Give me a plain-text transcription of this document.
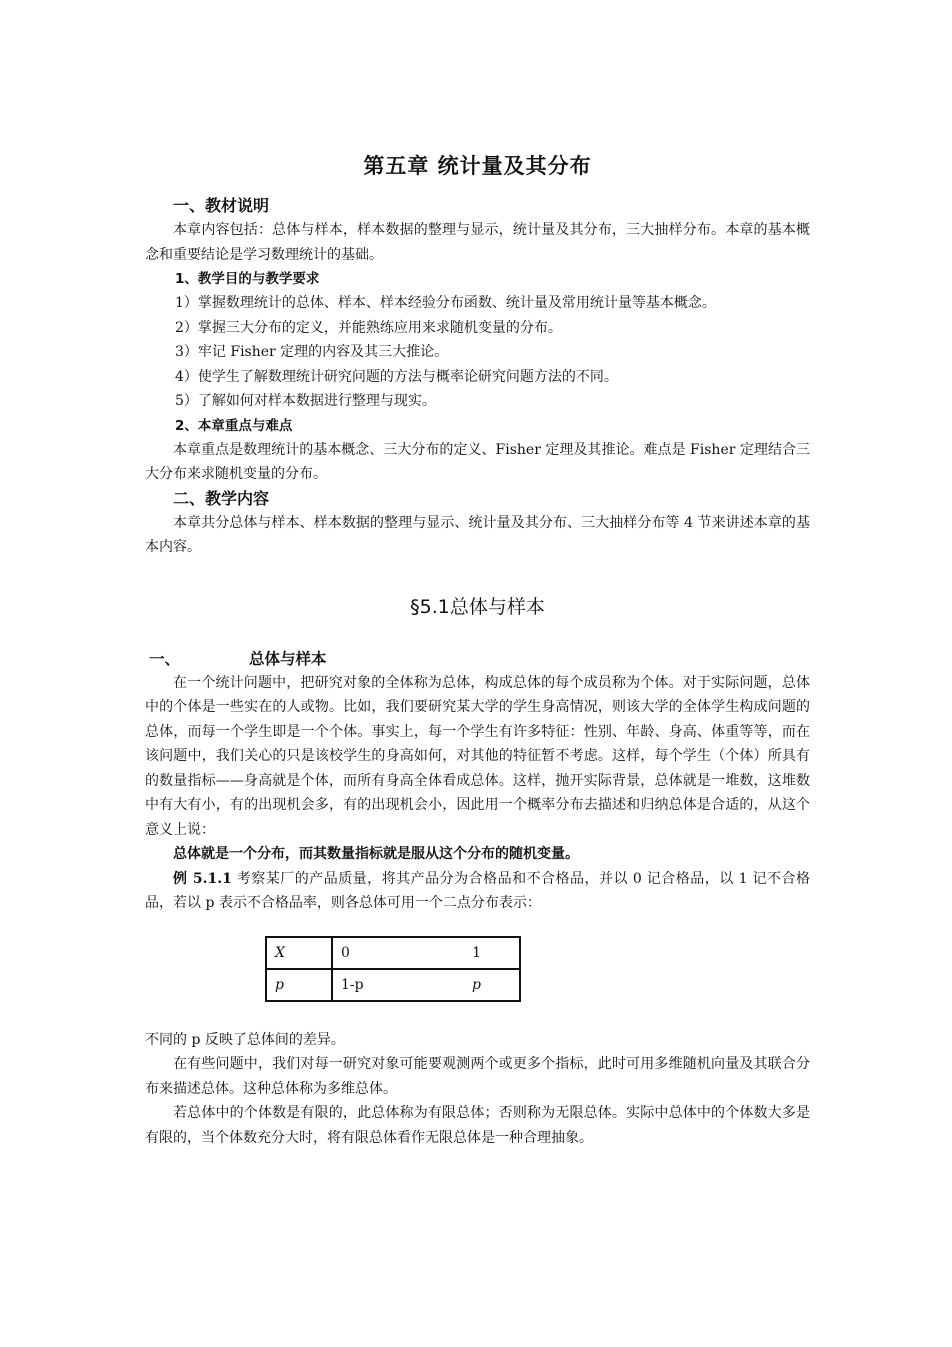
第五章 统计量及其分布
一、教材说明

本章内容包括：总体与样本，样本数据的整理与显示，统计量及其分布，三大抽样分布。本章的基本概念和重要结论是学习数理统计的基础。

1、教学目的与教学要求

1）掌握数理统计的总体、样本、样本经验分布函数、统计量及常用统计量等基本概念。

2）掌握三大分布的定义，并能熟练应用来求随机变量的分布。

3）牢记 Fisher 定理的内容及其三大推论。

4）使学生了解数理统计研究问题的方法与概率论研究问题方法的不同。

5）了解如何对样本数据进行整理与现实。

2、本章重点与难点

本章重点是数理统计的基本概念、三大分布的定义、Fisher 定理及其推论。难点是 Fisher 定理结合三大分布来求随机变量的分布。

二、教学内容

本章共分总体与样本、样本数据的整理与显示、统计量及其分布、三大抽样分布等 4 节来讲述本章的基本内容。

§5.1总体与样本
一、	总体与样本

在一个统计问题中，把研究对象的全体称为总体，构成总体的每个成员称为个体。对于实际问题，总体中的个体是一些实在的人或物。比如，我们要研究某大学的学生身高情况，则该大学的全体学生构成问题的总体，而每一个学生即是一个个体。事实上，每一个学生有许多特征：性别、年龄、身高、体重等等，而在该问题中，我们关心的只是该校学生的身高如何，对其他的特征暂不考虑。这样，每个学生（个体）所具有的数量指标——身高就是个体，而所有身高全体看成总体。这样，抛开实际背景，总体就是一堆数，这堆数中有大有小，有的出现机会多，有的出现机会小，因此用一个概率分布去描述和归纳总体是合适的，从这个意义上说：

总体就是一个分布，而其数量指标就是服从这个分布的随机变量。

例 5.1.1 考察某厂的产品质量，将其产品分为合格品和不合格品，并以 0 记合格品，以 1 记不合格品，若以 p 表示不合格品率，则各总体可用一个二点分布表示：

X	0 1

p	1-p p

不同的 p 反映了总体间的差异。

在有些问题中，我们对每一研究对象可能要观测两个或更多个指标，此时可用多维随机向量及其联合分布来描述总体。这种总体称为多维总体。

若总体中的个体数是有限的，此总体称为有限总体；否则称为无限总体。实际中总体中的个体数大多是有限的，当个体数充分大时，将有限总体看作无限总体是一种合理抽象。
